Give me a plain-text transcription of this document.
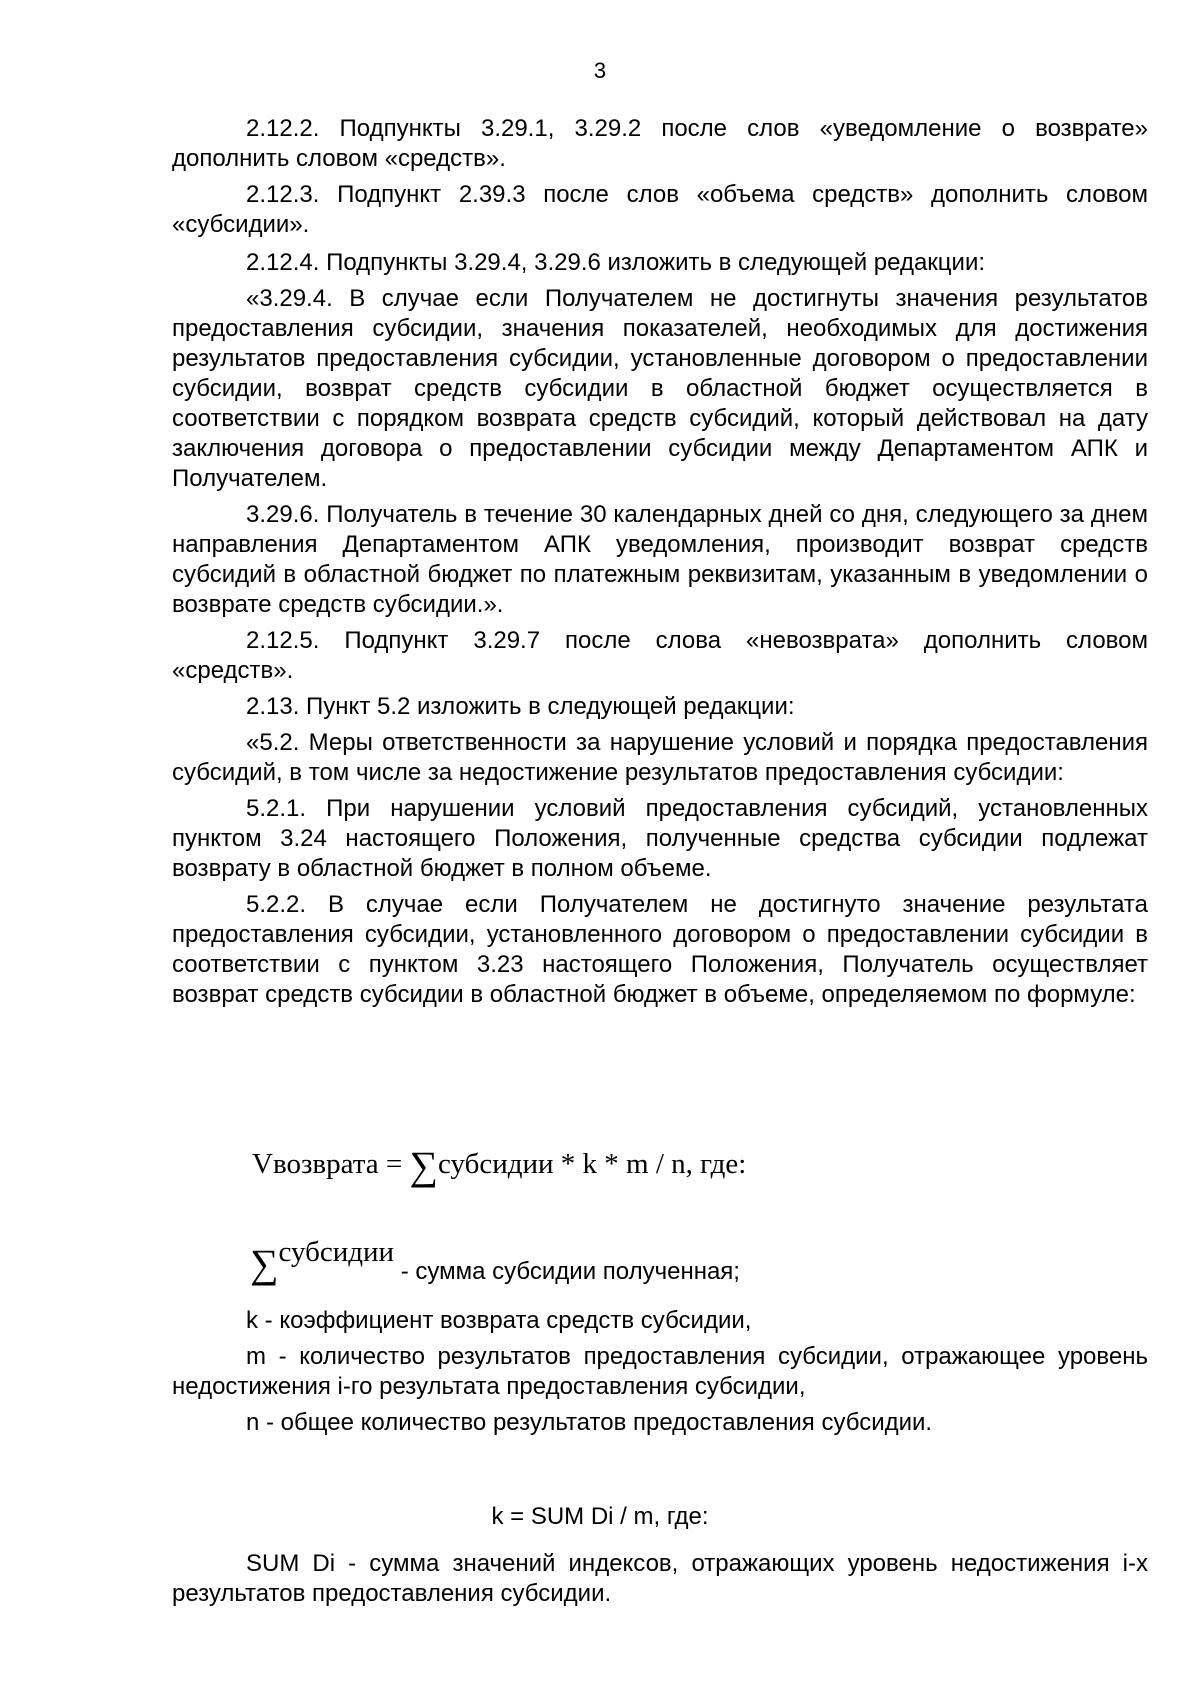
3

2.12.2. Подпункты 3.29.1, 3.29.2 после слов «уведомление о возврате» дополнить словом «средств».

2.12.3. Подпункт 2.39.3 после слов «объема средств» дополнить словом «субсидии».

2.12.4. Подпункты 3.29.4, 3.29.6 изложить в следующей редакции:

«3.29.4. В случае если Получателем не достигнуты значения результатов предоставления субсидии, значения показателей, необходимых для достижения результатов предоставления субсидии, установленные договором о предоставлении субсидии, возврат средств субсидии в областной бюджет осуществляется в соответствии с порядком возврата средств субсидий, который действовал на дату заключения договора о предоставлении субсидии между Департаментом АПК и Получателем.

3.29.6. Получатель в течение 30 календарных дней со дня, следующего за днем направления Департаментом АПК уведомления, производит возврат средств субсидий в областной бюджет по платежным реквизитам, указанным в уведомлении о возврате средств субсидии.».

2.12.5. Подпункт 3.29.7 после слова «невозврата» дополнить словом «средств».

2.13. Пункт 5.2 изложить в следующей редакции:

«5.2. Меры ответственности за нарушение условий и порядка предоставления субсидий, в том числе за недостижение результатов предоставления субсидии:

5.2.1. При нарушении условий предоставления субсидий, установленных пунктом 3.24 настоящего Положения, полученные средства субсидии подлежат возврату в областной бюджет в полном объеме.

5.2.2. В случае если Получателем не достигнуто значение результата предоставления субсидии, установленного договором о предоставлении субсидии в соответствии с пунктом 3.23 настоящего Положения, Получатель осуществляет возврат средств субсидии в областной бюджет в объеме, определяемом по формуле:

Vвозврата = ∑субсидии * k * m / n, где:
∑субсидии - сумма субсидии полученная;

k - коэффициент возврата средств субсидии,

m - количество результатов предоставления субсидии, отражающее уровень недостижения i-го результата предоставления субсидии,

n - общее количество результатов предоставления субсидии.

k = SUM Di / m, где:

SUM Di - сумма значений индексов, отражающих уровень недостижения i-х результатов предоставления субсидии.
